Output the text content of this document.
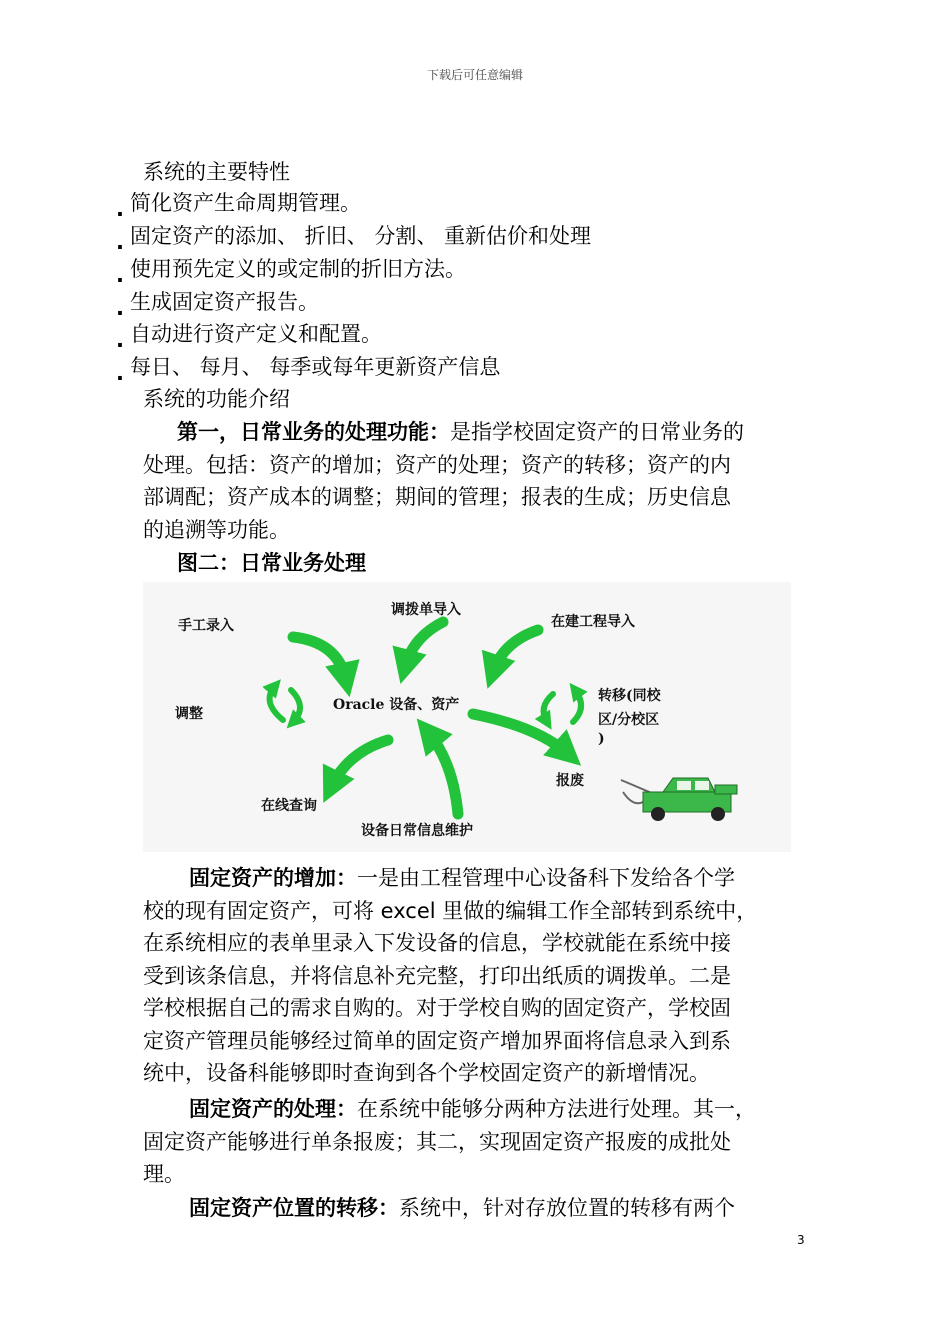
下载后可任意编辑
系统的主要特性
. 简化资产生命周期管理。
. 固定资产的添加、 折旧、 分割、 重新估价和处理
. 使用预先定义的或定制的折旧方法。
. 生成固定资产报告。
. 自动进行资产定义和配置。
. 每日、 每月、 每季或每年更新资产信息
系统的功能介绍
第一，日常业务的处理功能：是指学校固定资产的日常业务的
处理。包括：资产的增加；资产的处理；资产的转移；资产的内
部调配；资产成本的调整；期间的管理；报表的生成；历史信息
的追溯等功能。
图二：日常业务处理
手工录入
调拨单导入
在建工程导入
调整
Oracle 设备、资产
转移(同校
区/分校区
)
报废
在线查询
设备日常信息维护
固定资产的增加：一是由工程管理中心设备科下发给各个学
校的现有固定资产，可将 excel 里做的编辑工作全部转到系统中，
在系统相应的表单里录入下发设备的信息，学校就能在系统中接
受到该条信息，并将信息补充完整，打印出纸质的调拨单。二是
学校根据自己的需求自购的。对于学校自购的固定资产，学校固
定资产管理员能够经过简单的固定资产增加界面将信息录入到系
统中，设备科能够即时查询到各个学校固定资产的新增情况。
固定资产的处理：在系统中能够分两种方法进行处理。其一，
固定资产能够进行单条报废；其二，实现固定资产报废的成批处
理。
固定资产位置的转移：系统中，针对存放位置的转移有两个
3
